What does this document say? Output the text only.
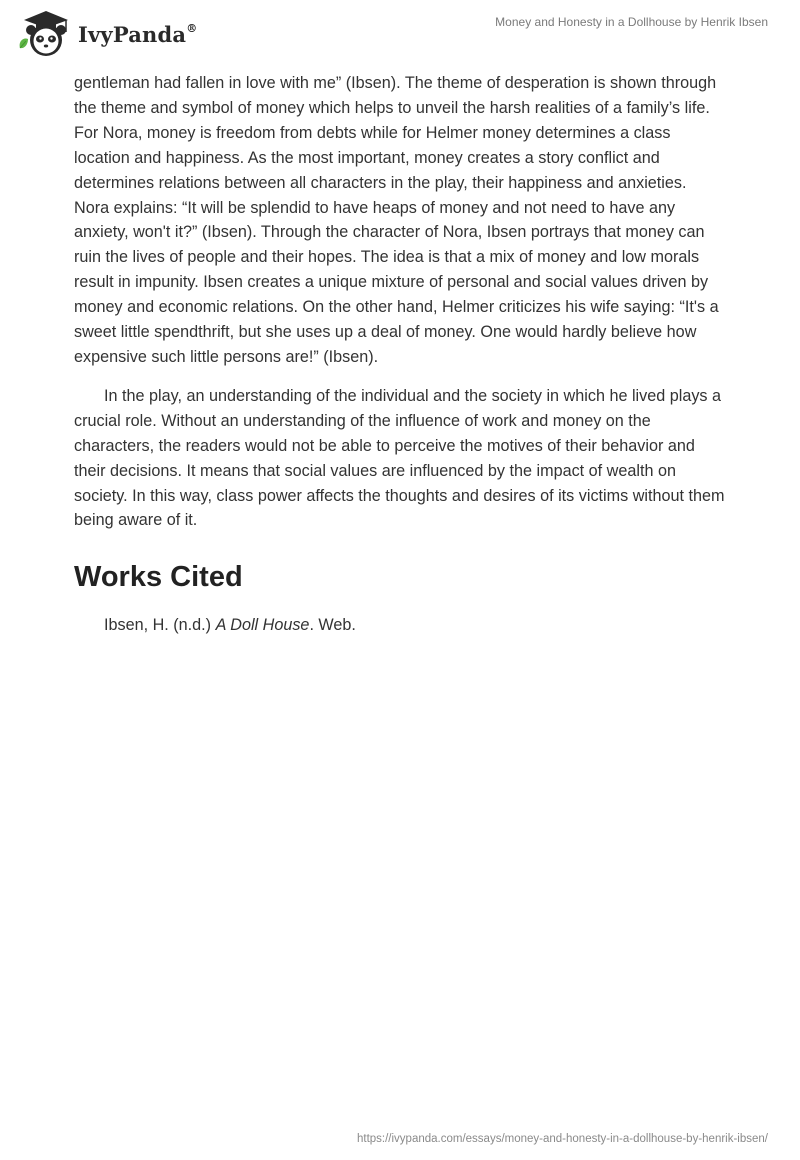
IvyPanda®	Money and Honesty in a Dollhouse by Henrik Ibsen

gentleman had fallen in love with me” (Ibsen). The theme of desperation is shown through the theme and symbol of money which helps to unveil the harsh realities of a family’s life. For Nora, money is freedom from debts while for Helmer money determines a class location and happiness. As the most important, money creates a story conflict and determines relations between all characters in the play, their happiness and anxieties. Nora explains: “It will be splendid to have heaps of money and not need to have any anxiety, won't it?” (Ibsen). Through the character of Nora, Ibsen portrays that money can ruin the lives of people and their hopes. The idea is that a mix of money and low morals result in impunity. Ibsen creates a unique mixture of personal and social values driven by money and economic relations. On the other hand, Helmer criticizes his wife saying: “It's a sweet little spendthrift, but she uses up a deal of money. One would hardly believe how expensive such little persons are!” (Ibsen).

In the play, an understanding of the individual and the society in which he lived plays a crucial role. Without an understanding of the influence of work and money on the characters, the readers would not be able to perceive the motives of their behavior and their decisions. It means that social values are influenced by the impact of wealth on society. In this way, class power affects the thoughts and desires of its victims without them being aware of it.

Works Cited

Ibsen, H. (n.d.) A Doll House. Web.

https://ivypanda.com/essays/money-and-honesty-in-a-dollhouse-by-henrik-ibsen/
